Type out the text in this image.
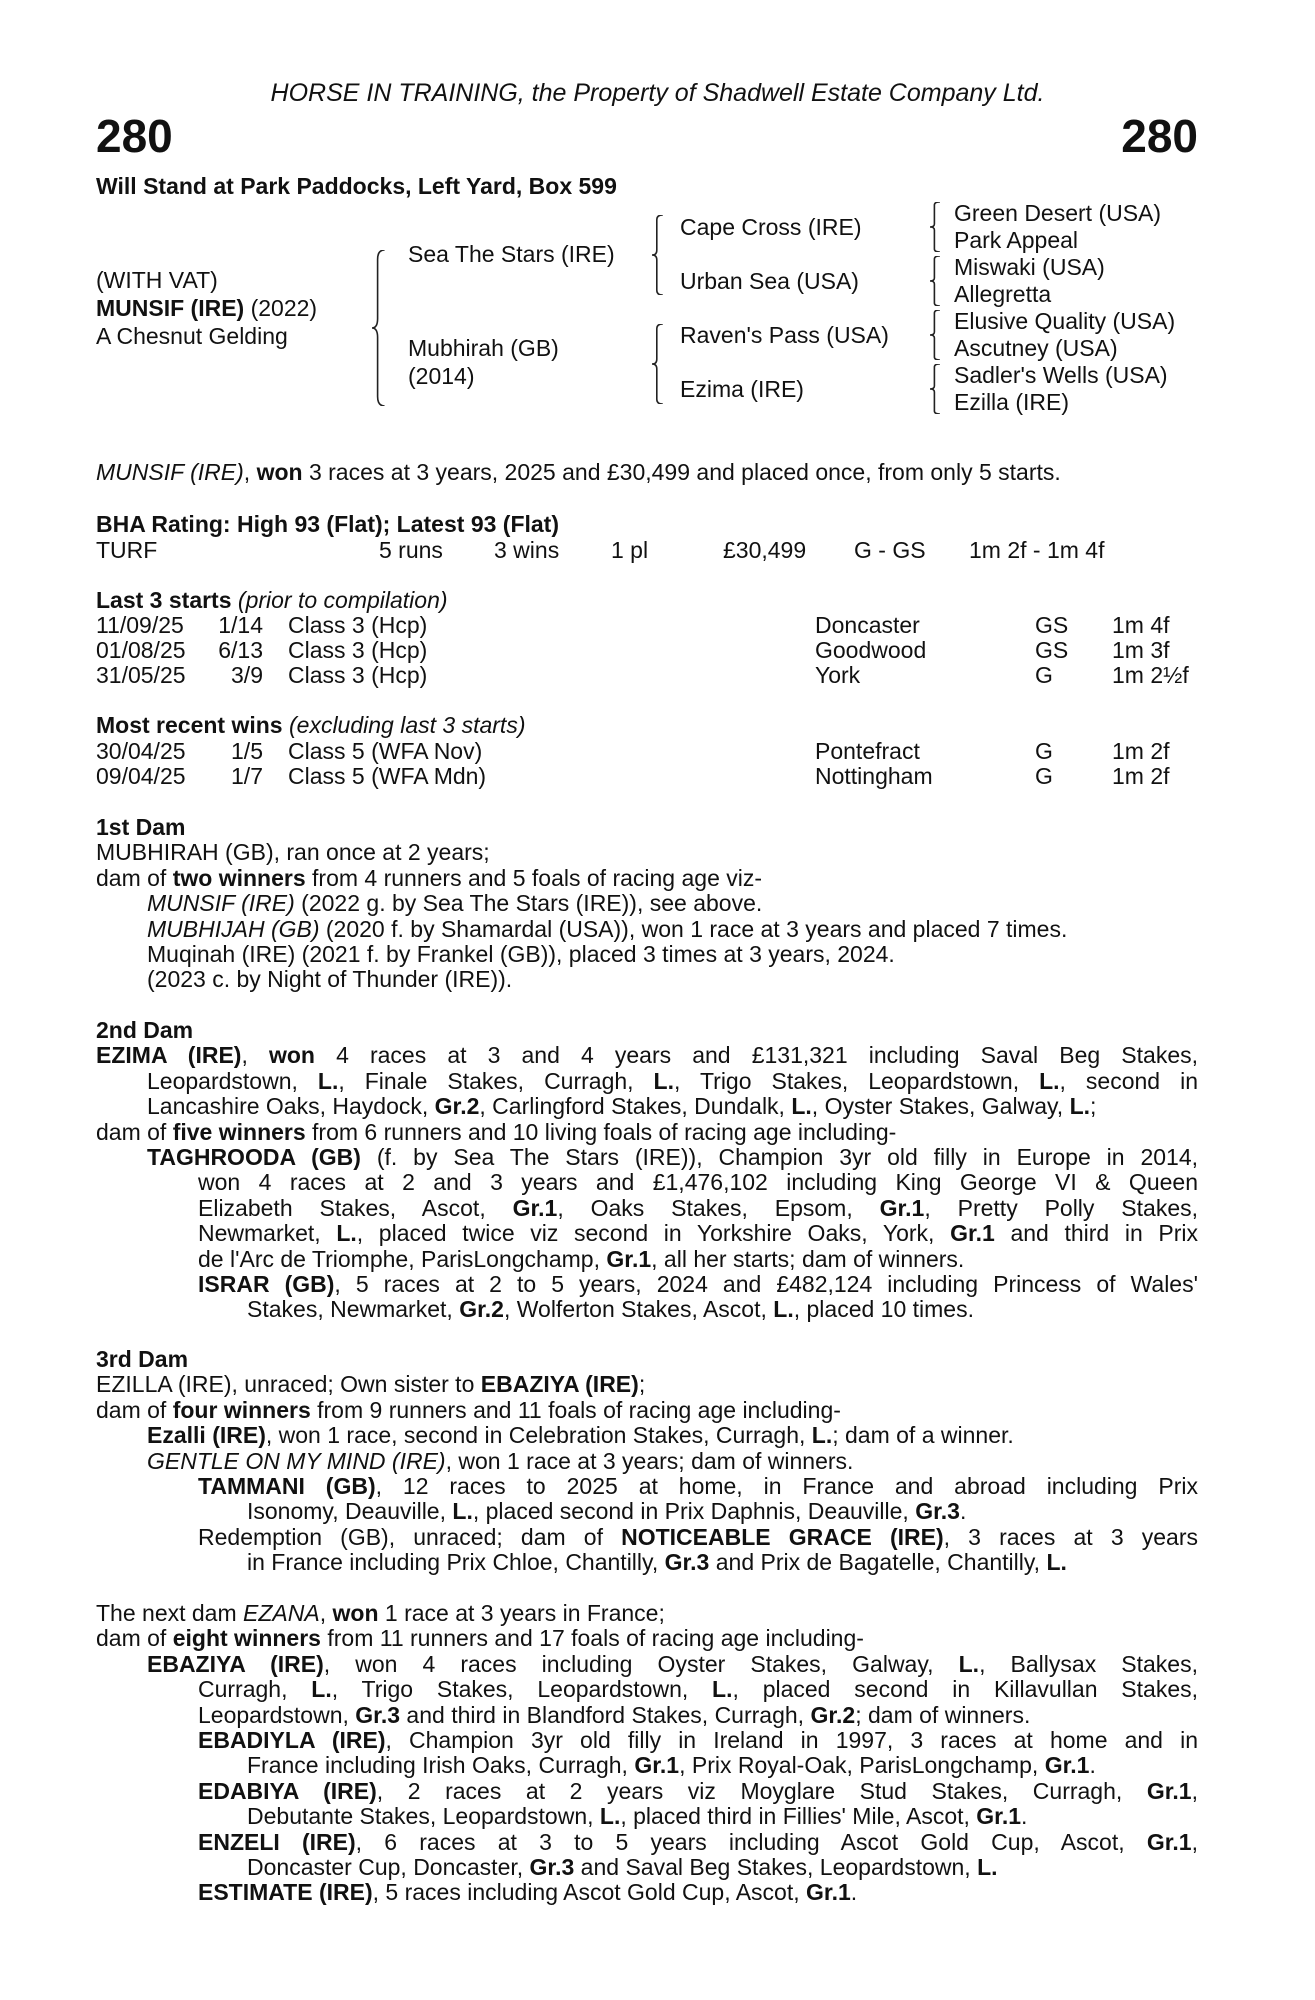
HORSE IN TRAINING, the Property of Shadwell Estate Company Ltd.
280	280
Will Stand at Park Paddocks, Left Yard, Box 599
(WITH VAT)
MUNSIF (IRE) (2022)
A Chesnut Gelding
Sea The Stars (IRE)
Mubhirah (GB)
(2014)
Cape Cross (IRE)
Urban Sea (USA)
Raven's Pass (USA)
Ezima (IRE)
Green Desert (USA)
Park Appeal
Miswaki (USA)
Allegretta
Elusive Quality (USA)
Ascutney (USA)
Sadler's Wells (USA)
Ezilla (IRE)
MUNSIF (IRE), won 3 races at 3 years, 2025 and £30,499 and placed once, from only 5 starts.
BHA Rating: High 93 (Flat); Latest 93 (Flat)
TURF	5 runs 3 wins 1 pl	£30,499 G - GS 1m 2f - 1m 4f
Last 3 starts (prior to compilation)
11/09/25 1/14 Class 3 (Hcp)	Doncaster	GS 1m 4f
01/08/25 6/13 Class 3 (Hcp)	Goodwood	GS 1m 3f
31/05/25 3/9 Class 3 (Hcp)	York	G	1m 2½f
Most recent wins (excluding last 3 starts)
30/04/25 1/5 Class 5 (WFA Nov)	Pontefract	G	1m 2f
09/04/25 1/7 Class 5 (WFA Mdn)	Nottingham	G	1m 2f
1st Dam
MUBHIRAH (GB), ran once at 2 years;
dam of two winners from 4 runners and 5 foals of racing age viz-
MUNSIF (IRE) (2022 g. by Sea The Stars (IRE)), see above.
MUBHIJAH (GB) (2020 f. by Shamardal (USA)), won 1 race at 3 years and placed 7 times.
Muqinah (IRE) (2021 f. by Frankel (GB)), placed 3 times at 3 years, 2024.
(2023 c. by Night of Thunder (IRE)).
2nd Dam
EZIMA (IRE), won 4 races at 3 and 4 years and £131,321 including Saval Beg Stakes,
Leopardstown, L., Finale Stakes, Curragh, L., Trigo Stakes, Leopardstown, L., second in
Lancashire Oaks, Haydock, Gr.2, Carlingford Stakes, Dundalk, L., Oyster Stakes, Galway, L.;
dam of five winners from 6 runners and 10 living foals of racing age including-
TAGHROODA (GB) (f. by Sea The Stars (IRE)), Champion 3yr old filly in Europe in 2014,
won 4 races at 2 and 3 years and £1,476,102 including King George VI & Queen
Elizabeth Stakes, Ascot, Gr.1, Oaks Stakes, Epsom, Gr.1, Pretty Polly Stakes,
Newmarket, L., placed twice viz second in Yorkshire Oaks, York, Gr.1 and third in Prix
de l'Arc de Triomphe, ParisLongchamp, Gr.1, all her starts; dam of winners.
ISRAR (GB), 5 races at 2 to 5 years, 2024 and £482,124 including Princess of Wales'
Stakes, Newmarket, Gr.2, Wolferton Stakes, Ascot, L., placed 10 times.
3rd Dam
EZILLA (IRE), unraced; Own sister to EBAZIYA (IRE);
dam of four winners from 9 runners and 11 foals of racing age including-
Ezalli (IRE), won 1 race, second in Celebration Stakes, Curragh, L.; dam of a winner.
GENTLE ON MY MIND (IRE), won 1 race at 3 years; dam of winners.
TAMMANI (GB), 12 races to 2025 at home, in France and abroad including Prix
Isonomy, Deauville, L., placed second in Prix Daphnis, Deauville, Gr.3.
Redemption (GB), unraced; dam of NOTICEABLE GRACE (IRE), 3 races at 3 years
in France including Prix Chloe, Chantilly, Gr.3 and Prix de Bagatelle, Chantilly, L.
The next dam EZANA, won 1 race at 3 years in France;
dam of eight winners from 11 runners and 17 foals of racing age including-
EBAZIYA (IRE), won 4 races including Oyster Stakes, Galway, L., Ballysax Stakes,
Curragh, L., Trigo Stakes, Leopardstown, L., placed second in Killavullan Stakes,
Leopardstown, Gr.3 and third in Blandford Stakes, Curragh, Gr.2; dam of winners.
EBADIYLA (IRE), Champion 3yr old filly in Ireland in 1997, 3 races at home and in
France including Irish Oaks, Curragh, Gr.1, Prix Royal-Oak, ParisLongchamp, Gr.1.
EDABIYA (IRE), 2 races at 2 years viz Moyglare Stud Stakes, Curragh, Gr.1,
Debutante Stakes, Leopardstown, L., placed third in Fillies' Mile, Ascot, Gr.1.
ENZELI (IRE), 6 races at 3 to 5 years including Ascot Gold Cup, Ascot, Gr.1,
Doncaster Cup, Doncaster, Gr.3 and Saval Beg Stakes, Leopardstown, L.
ESTIMATE (IRE), 5 races including Ascot Gold Cup, Ascot, Gr.1.
